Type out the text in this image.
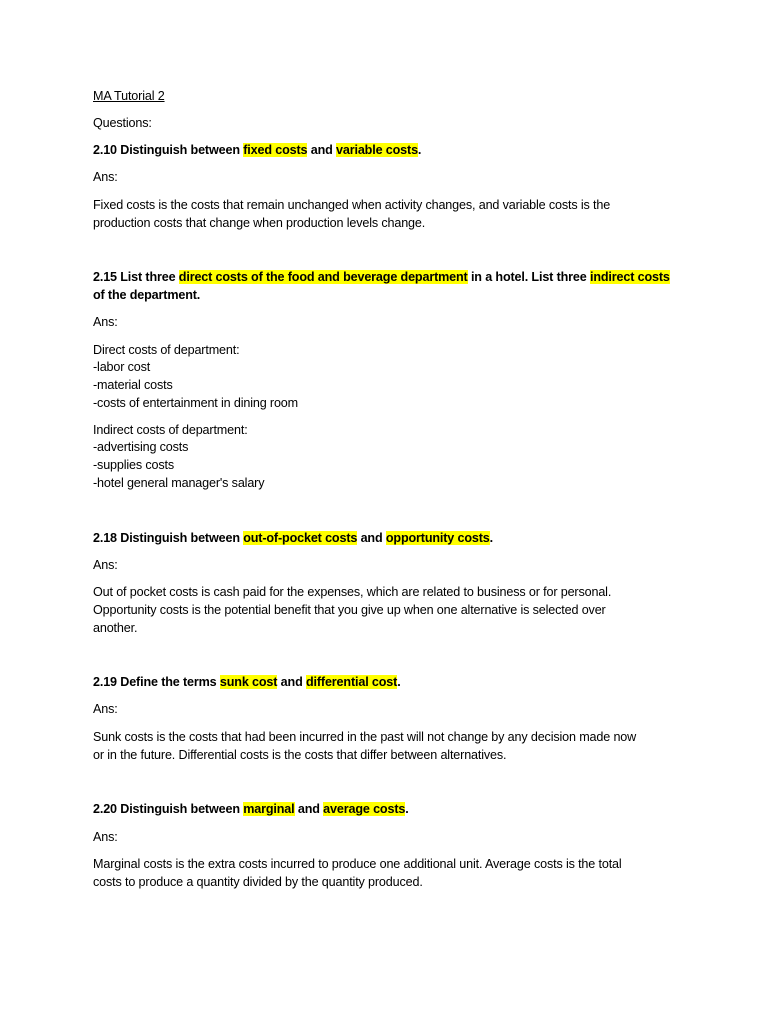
MA Tutorial 2

Questions:

2.10 Distinguish between fixed costs and variable costs.

Ans:

Fixed costs is the costs that remain unchanged when activity changes, and variable costs is the

production costs that change when production levels change.

2.15 List three direct costs of the food and beverage department in a hotel. List three indirect costs

of the department.

Ans:

Direct costs of department:

-labor cost

-material costs

-costs of entertainment in dining room

Indirect costs of department:

-advertising costs

-supplies costs

-hotel general manager's salary

2.18 Distinguish between out-of-pocket costs and opportunity costs.

Ans:

Out of pocket costs is cash paid for the expenses, which are related to business or for personal.

Opportunity costs is the potential benefit that you give up when one alternative is selected over

another.

2.19 Define the terms sunk cost and differential cost.

Ans:

Sunk costs is the costs that had been incurred in the past will not change by any decision made now

or in the future. Differential costs is the costs that differ between alternatives.

2.20 Distinguish between marginal and average costs.

Ans:

Marginal costs is the extra costs incurred to produce one additional unit. Average costs is the total

costs to produce a quantity divided by the quantity produced.
